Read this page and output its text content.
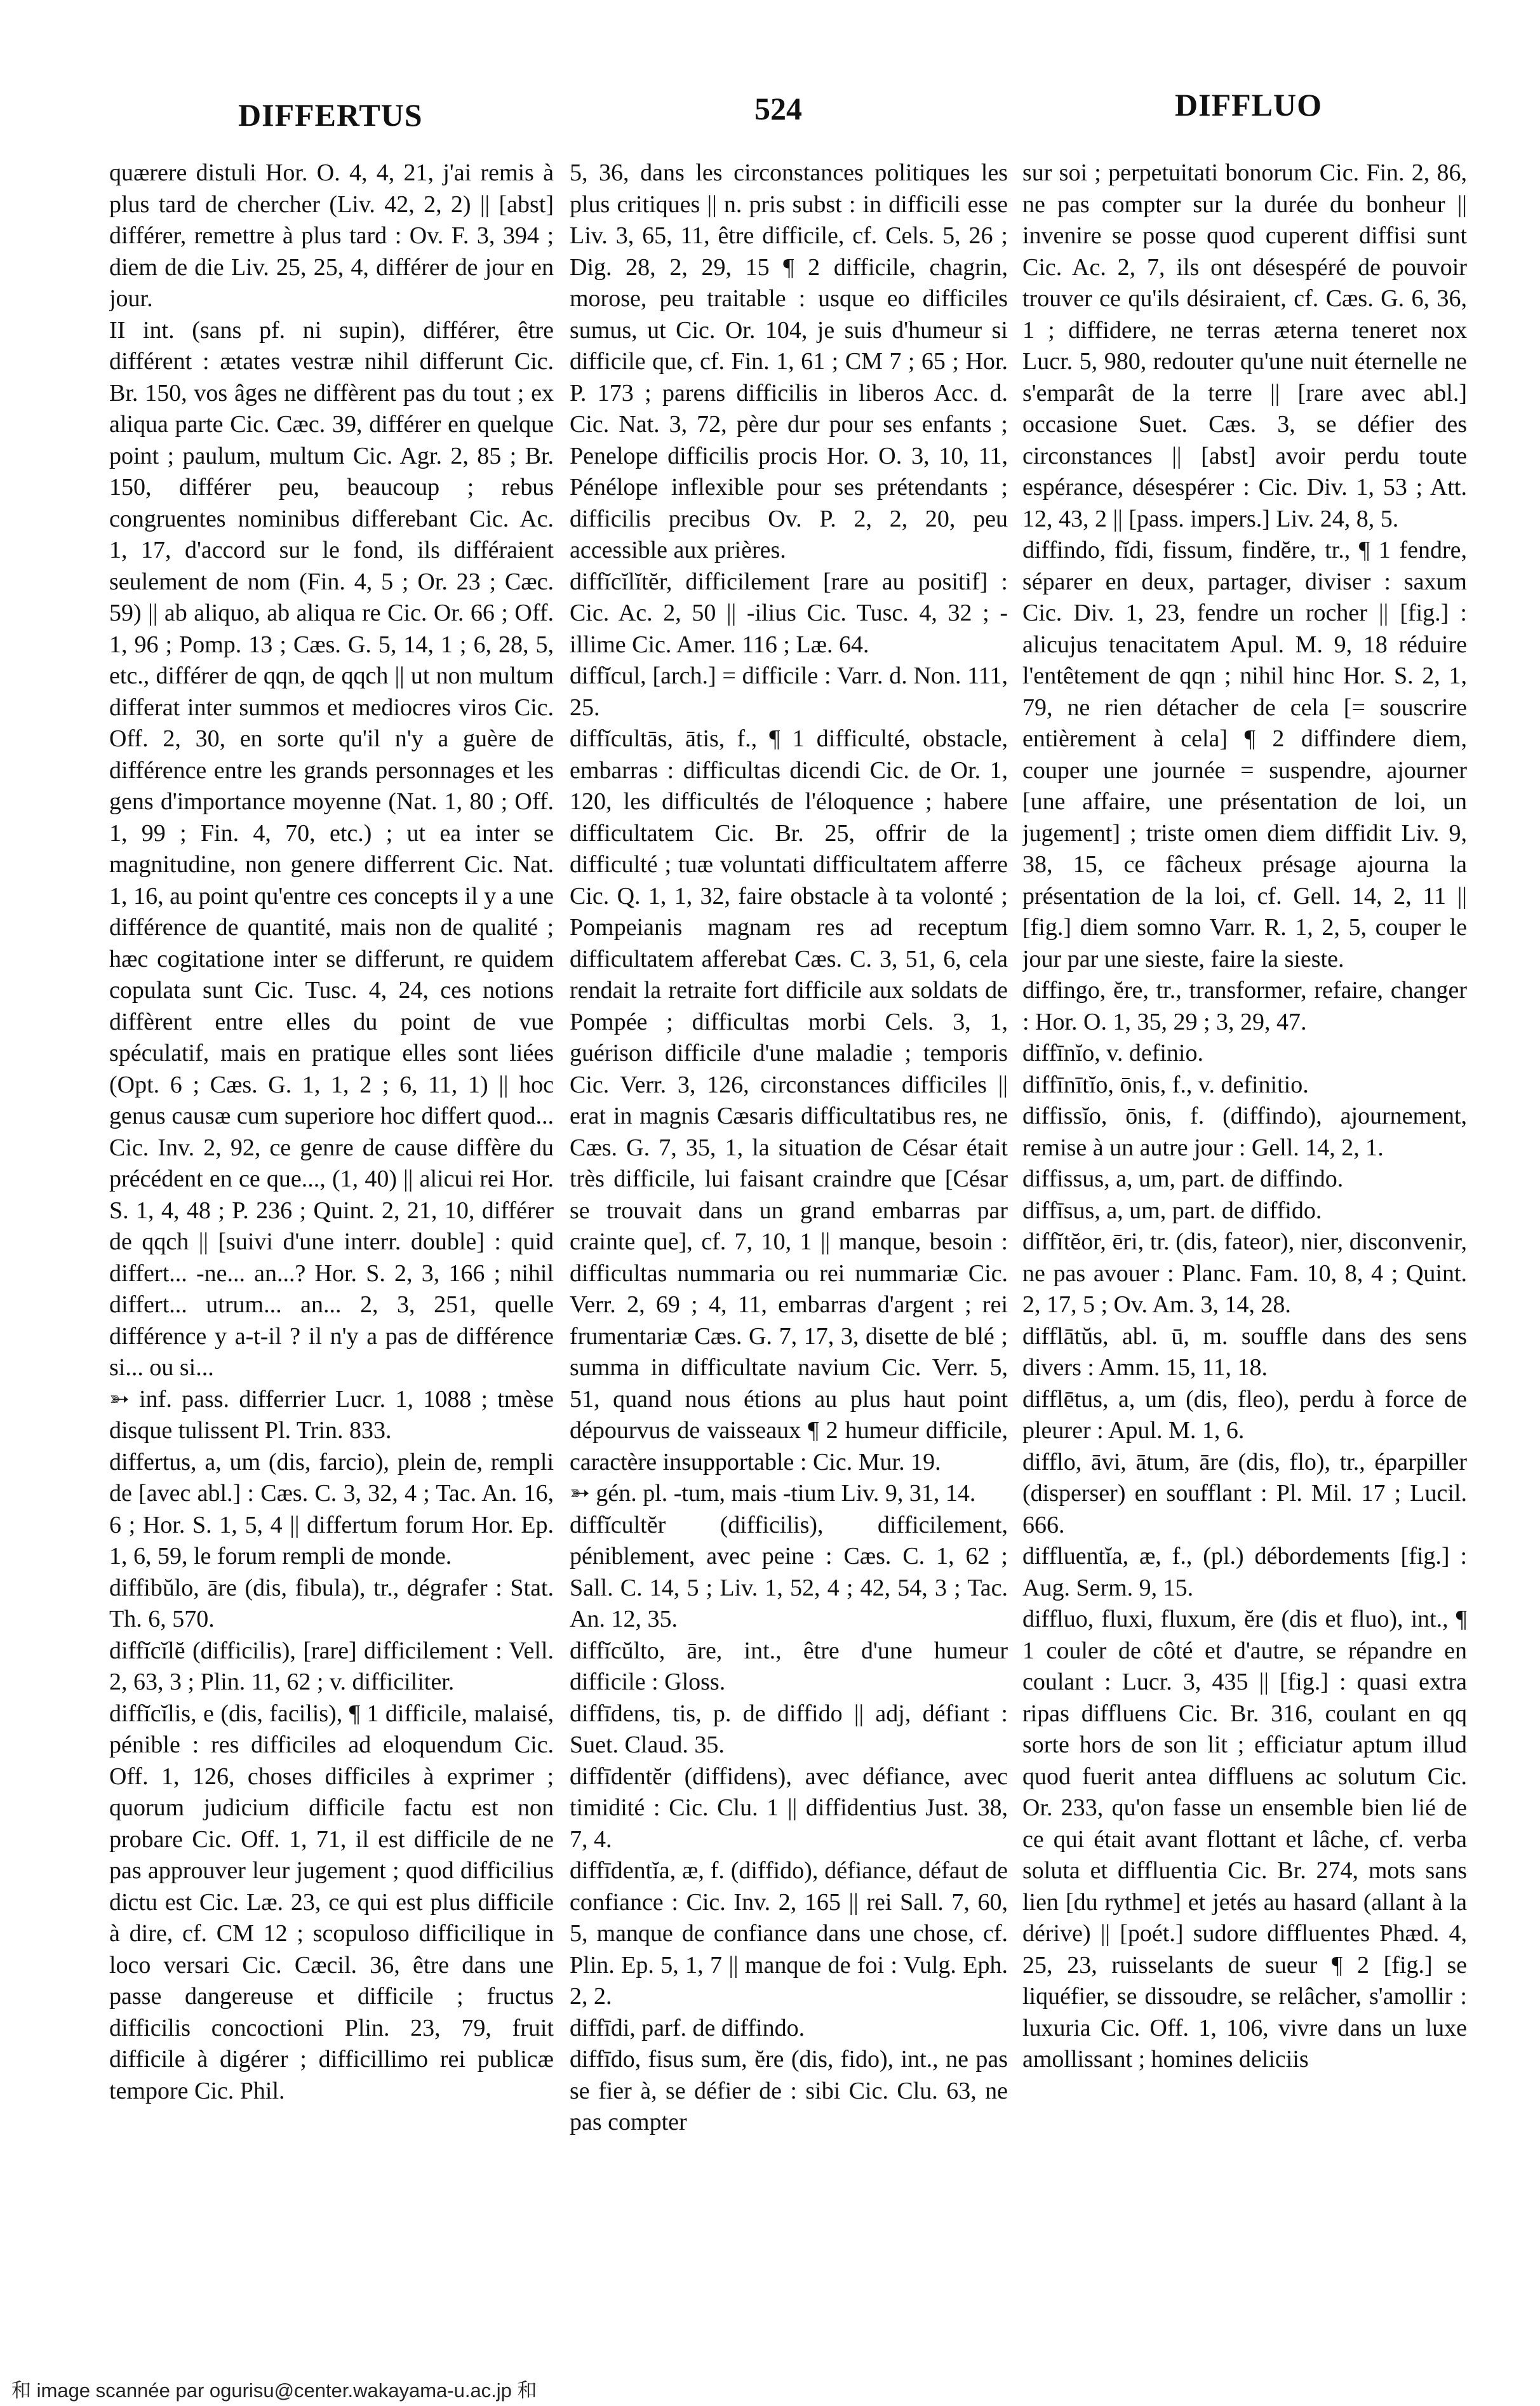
DIFFERTUS	524	DIFFLUO

quærere distuli Hor. O. 4, 4, 21, j'ai remis à plus tard de chercher (Liv. 42, 2, 2) || [abst] différer, remettre à plus tard : Ov. F. 3, 394 ; diem de die Liv. 25, 25, 4, différer de jour en jour.

II int. (sans pf. ni supin), différer, être différent : ætates vestræ nihil differunt Cic. Br. 150, vos âges ne diffèrent pas du tout ; ex aliqua parte Cic. Cæc. 39, différer en quelque point ; paulum, multum Cic. Agr. 2, 85 ; Br. 150, différer peu, beaucoup ; rebus congruentes nominibus differebant Cic. Ac. 1, 17, d'accord sur le fond, ils différaient seulement de nom (Fin. 4, 5 ; Or. 23 ; Cæc. 59) || ab aliquo, ab aliqua re Cic. Or. 66 ; Off. 1, 96 ; Pomp. 13 ; Cæs. G. 5, 14, 1 ; 6, 28, 5, etc., différer de qqn, de qqch || ut non multum differat inter summos et mediocres viros Cic. Off. 2, 30, en sorte qu'il n'y a guère de différence entre les grands personnages et les gens d'importance moyenne (Nat. 1, 80 ; Off. 1, 99 ; Fin. 4, 70, etc.) ; ut ea inter se magnitudine, non genere differrent Cic. Nat. 1, 16, au point qu'entre ces concepts il y a une différence de quantité, mais non de qualité ; hæc cogitatione inter se differunt, re quidem copulata sunt Cic. Tusc. 4, 24, ces notions diffèrent entre elles du point de vue spéculatif, mais en pratique elles sont liées (Opt. 6 ; Cæs. G. 1, 1, 2 ; 6, 11, 1) || hoc genus causæ cum superiore hoc differt quod... Cic. Inv. 2, 92, ce genre de cause diffère du précédent en ce que..., (1, 40) || alicui rei Hor. S. 1, 4, 48 ; P. 236 ; Quint. 2, 21, 10, différer de qqch || [suivi d'une interr. double] : quid differt... -ne... an...? Hor. S. 2, 3, 166 ; nihil differt... utrum... an... 2, 3, 251, quelle différence y a-t-il ? il n'y a pas de différence si... ou si...

➳ inf. pass. differrier Lucr. 1, 1088 ; tmèse disque tulissent Pl. Trin. 833.

differtus, a, um (dis, farcio), plein de, rempli de [avec abl.] : Cæs. C. 3, 32, 4 ; Tac. An. 16, 6 ; Hor. S. 1, 5, 4 || differtum forum Hor. Ep. 1, 6, 59, le forum rempli de monde.

diffibŭlo, āre (dis, fibula), tr., dégrafer : Stat. Th. 6, 570.

diffĭcĭlĕ (difficilis), [rare] difficilement : Vell. 2, 63, 3 ; Plin. 11, 62 ; v. difficiliter.

diffĭcĭlis, e (dis, facilis), ¶ 1 difficile, malaisé, pénible : res difficiles ad eloquendum Cic. Off. 1, 126, choses difficiles à exprimer ; quorum judicium difficile factu est non probare Cic. Off. 1, 71, il est difficile de ne pas approuver leur jugement ; quod difficilius dictu est Cic. Læ. 23, ce qui est plus difficile à dire, cf. CM 12 ; scopuloso difficilique in loco versari Cic. Cæcil. 36, être dans une passe dangereuse et difficile ; fructus difficilis concoctioni Plin. 23, 79, fruit difficile à digérer ; difficillimo rei publicæ tempore Cic. Phil.

5, 36, dans les circonstances politiques les plus critiques || n. pris subst : in difficili esse Liv. 3, 65, 11, être difficile, cf. Cels. 5, 26 ; Dig. 28, 2, 29, 15 ¶ 2 difficile, chagrin, morose, peu traitable : usque eo difficiles sumus, ut Cic. Or. 104, je suis d'humeur si difficile que, cf. Fin. 1, 61 ; CM 7 ; 65 ; Hor. P. 173 ; parens difficilis in liberos Acc. d. Cic. Nat. 3, 72, père dur pour ses enfants ; Penelope difficilis procis Hor. O. 3, 10, 11, Pénélope inflexible pour ses prétendants ; difficilis precibus Ov. P. 2, 2, 20, peu accessible aux prières.

diffĭcĭlĭtĕr, difficilement [rare au positif] : Cic. Ac. 2, 50 || -ilius Cic. Tusc. 4, 32 ; -illime Cic. Amer. 116 ; Læ. 64.

diffĭcul, [arch.] = difficile : Varr. d. Non. 111, 25.

diffĭcultās, ātis, f., ¶ 1 difficulté, obstacle, embarras : difficultas dicendi Cic. de Or. 1, 120, les difficultés de l'éloquence ; habere difficultatem Cic. Br. 25, offrir de la difficulté ; tuæ voluntati difficultatem afferre Cic. Q. 1, 1, 32, faire obstacle à ta volonté ; Pompeianis magnam res ad receptum difficultatem afferebat Cæs. C. 3, 51, 6, cela rendait la retraite fort difficile aux soldats de Pompée ; difficultas morbi Cels. 3, 1, guérison difficile d'une maladie ; temporis Cic. Verr. 3, 126, circonstances difficiles || erat in magnis Cæsaris difficultatibus res, ne Cæs. G. 7, 35, 1, la situation de César était très difficile, lui faisant craindre que [César se trouvait dans un grand embarras par crainte que], cf. 7, 10, 1 || manque, besoin : difficultas nummaria ou rei nummariæ Cic. Verr. 2, 69 ; 4, 11, embarras d'argent ; rei frumentariæ Cæs. G. 7, 17, 3, disette de blé ; summa in difficultate navium Cic. Verr. 5, 51, quand nous étions au plus haut point dépourvus de vaisseaux ¶ 2 humeur difficile, caractère insupportable : Cic. Mur. 19.

➳ gén. pl. -tum, mais -tium Liv. 9, 31, 14.

diffĭcultĕr (difficilis), difficilement, péniblement, avec peine : Cæs. C. 1, 62 ; Sall. C. 14, 5 ; Liv. 1, 52, 4 ; 42, 54, 3 ; Tac. An. 12, 35.

diffĭcŭlto, āre, int., être d'une humeur difficile : Gloss.

diffīdens, tis, p. de diffido || adj, défiant : Suet. Claud. 35.

diffīdentĕr (diffidens), avec défiance, avec timidité : Cic. Clu. 1 || diffidentius Just. 38, 7, 4.

diffīdentĭa, æ, f. (diffido), défiance, défaut de confiance : Cic. Inv. 2, 165 || rei Sall. 7, 60, 5, manque de confiance dans une chose, cf. Plin. Ep. 5, 1, 7 || manque de foi : Vulg. Eph. 2, 2.

diffīdi, parf. de diffindo.

diffīdo, fisus sum, ĕre (dis, fido), int., ne pas se fier à, se défier de : sibi Cic. Clu. 63, ne pas compter

sur soi ; perpetuitati bonorum Cic. Fin. 2, 86, ne pas compter sur la durée du bonheur || invenire se posse quod cuperent diffisi sunt Cic. Ac. 2, 7, ils ont désespéré de pouvoir trouver ce qu'ils désiraient, cf. Cæs. G. 6, 36, 1 ; diffidere, ne terras æterna teneret nox Lucr. 5, 980, redouter qu'une nuit éternelle ne s'emparât de la terre || [rare avec abl.] occasione Suet. Cæs. 3, se défier des circonstances || [abst] avoir perdu toute espérance, désespérer : Cic. Div. 1, 53 ; Att. 12, 43, 2 || [pass. impers.] Liv. 24, 8, 5.

diffindo, fĭdi, fissum, findĕre, tr., ¶ 1 fendre, séparer en deux, partager, diviser : saxum Cic. Div. 1, 23, fendre un rocher || [fig.] : alicujus tenacitatem Apul. M. 9, 18 réduire l'entêtement de qqn ; nihil hinc Hor. S. 2, 1, 79, ne rien détacher de cela [= souscrire entièrement à cela] ¶ 2 diffindere diem, couper une journée = suspendre, ajourner [une affaire, une présentation de loi, un jugement] ; triste omen diem diffidit Liv. 9, 38, 15, ce fâcheux présage ajourna la présentation de la loi, cf. Gell. 14, 2, 11 || [fig.] diem somno Varr. R. 1, 2, 5, couper le jour par une sieste, faire la sieste.

diffingo, ĕre, tr., transformer, refaire, changer : Hor. O. 1, 35, 29 ; 3, 29, 47.

diffīnĭo, v. definio.

diffīnītĭo, ōnis, f., v. definitio.

diffissĭo, ōnis, f. (diffindo), ajournement, remise à un autre jour : Gell. 14, 2, 1.

diffissus, a, um, part. de diffindo.

diffīsus, a, um, part. de diffido.

diffĭtĕor, ēri, tr. (dis, fateor), nier, disconvenir, ne pas avouer : Planc. Fam. 10, 8, 4 ; Quint. 2, 17, 5 ; Ov. Am. 3, 14, 28.

difflātŭs, abl. ū, m. souffle dans des sens divers : Amm. 15, 11, 18.

difflētus, a, um (dis, fleo), perdu à force de pleurer : Apul. M. 1, 6.

difflo, āvi, ātum, āre (dis, flo), tr., éparpiller (disperser) en soufflant : Pl. Mil. 17 ; Lucil. 666.

diffluentĭa, æ, f., (pl.) débordements [fig.] : Aug. Serm. 9, 15.

diffluo, fluxi, fluxum, ĕre (dis et fluo), int., ¶ 1 couler de côté et d'autre, se répandre en coulant : Lucr. 3, 435 || [fig.] : quasi extra ripas diffluens Cic. Br. 316, coulant en qq sorte hors de son lit ; efficiatur aptum illud quod fuerit antea diffluens ac solutum Cic. Or. 233, qu'on fasse un ensemble bien lié de ce qui était avant flottant et lâche, cf. verba soluta et diffluentia Cic. Br. 274, mots sans lien [du rythme] et jetés au hasard (allant à la dérive) || [poét.] sudore diffluentes Phæd. 4, 25, 23, ruisselants de sueur ¶ 2 [fig.] se liquéfier, se dissoudre, se relâcher, s'amollir : luxuria Cic. Off. 1, 106, vivre dans un luxe amollissant ; homines deliciis

和 image scannée par ogurisu@center.wakayama-u.ac.jp 和
